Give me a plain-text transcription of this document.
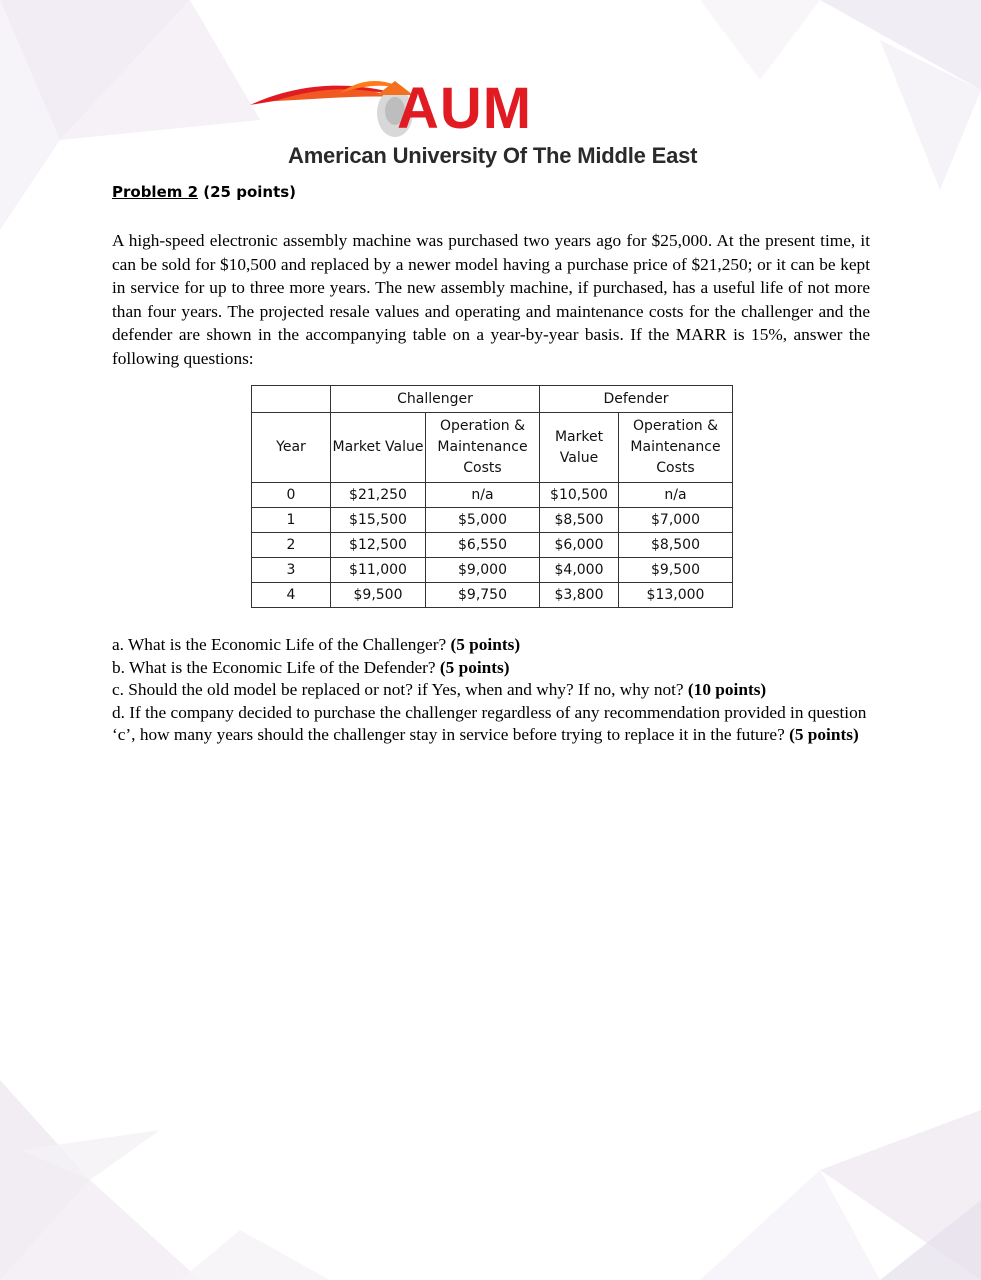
AUM
American University Of The Middle East
Problem 2 (25 points)
A high-speed electronic assembly machine was purchased two years ago for $25,000. At the present time, it can be sold for $10,500 and replaced by a newer model having a purchase price of $21,250; or it can be kept in service for up to three more years. The new assembly machine, if purchased, has a useful life of not more than four years. The projected resale values and operating and maintenance costs for the challenger and the defender are shown in the accompanying table on a year-by-year basis. If the MARR is 15%, answer the following questions:
	Challenger		Defender	
Year	Market Value	Operation & Maintenance Costs	Market Value	Operation & Maintenance Costs
0	$21,250	n/a	$10,500	n/a
1	$15,500	$5,000	$8,500	$7,000
2	$12,500	$6,550	$6,000	$8,500
3	$11,000	$9,000	$4,000	$9,500
4	$9,500	$9,750	$3,800	$13,000

a. What is the Economic Life of the Challenger? (5 points)

b. What is the Economic Life of the Defender? (5 points)

c. Should the old model be replaced or not? if Yes, when and why? If no, why not? (10 points)

d. If the company decided to purchase the challenger regardless of any recommendation provided in question ‘c’, how many years should the challenger stay in service before trying to replace it in the future? (5 points)
